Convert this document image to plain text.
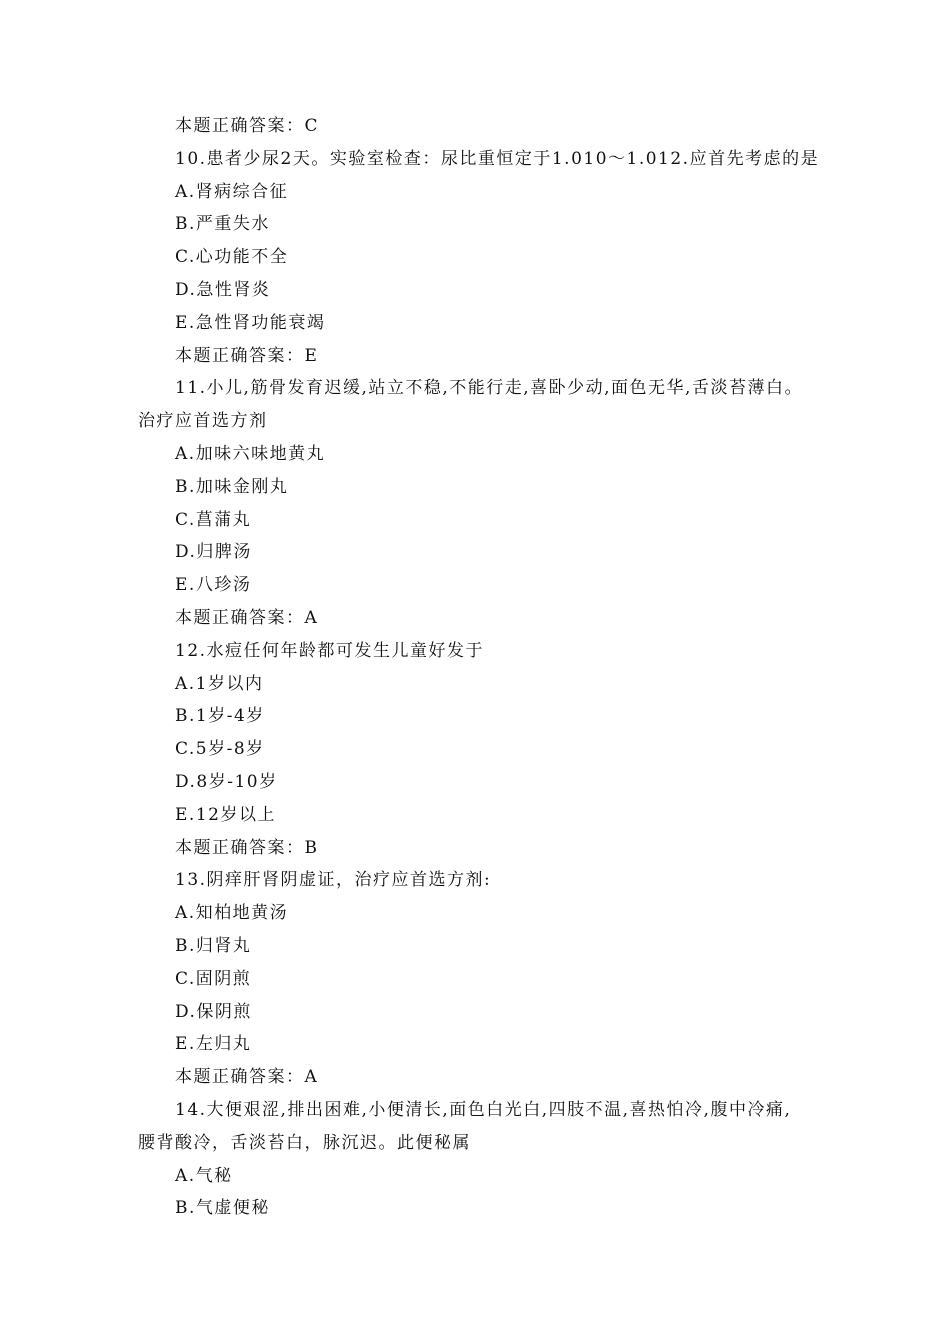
本题正确答案：C
10.患者少尿2天。实验室检查：尿比重恒定于1.010～1.012.应首先考虑的是
A.肾病综合征
B.严重失水
C.心功能不全
D.急性肾炎
E.急性肾功能衰竭
本题正确答案：E
11.小儿,筋骨发育迟缓,站立不稳,不能行走,喜卧少动,面色无华,舌淡苔薄白。
治疗应首选方剂
A.加味六味地黄丸
B.加味金刚丸
C.菖蒲丸
D.归脾汤
E.八珍汤
本题正确答案：A
12.水痘任何年龄都可发生儿童好发于
A.1岁以内
B.1岁-4岁
C.5岁-8岁
D.8岁-10岁
E.12岁以上
本题正确答案：B
13.阴痒肝肾阴虚证，治疗应首选方剂:
A.知柏地黄汤
B.归肾丸
C.固阴煎
D.保阴煎
E.左归丸
本题正确答案：A
14.大便艰涩,排出困难,小便清长,面色白光白,四肢不温,喜热怕冷,腹中冷痛,
腰背酸冷，舌淡苔白，脉沉迟。此便秘属
A.气秘
B.气虚便秘
